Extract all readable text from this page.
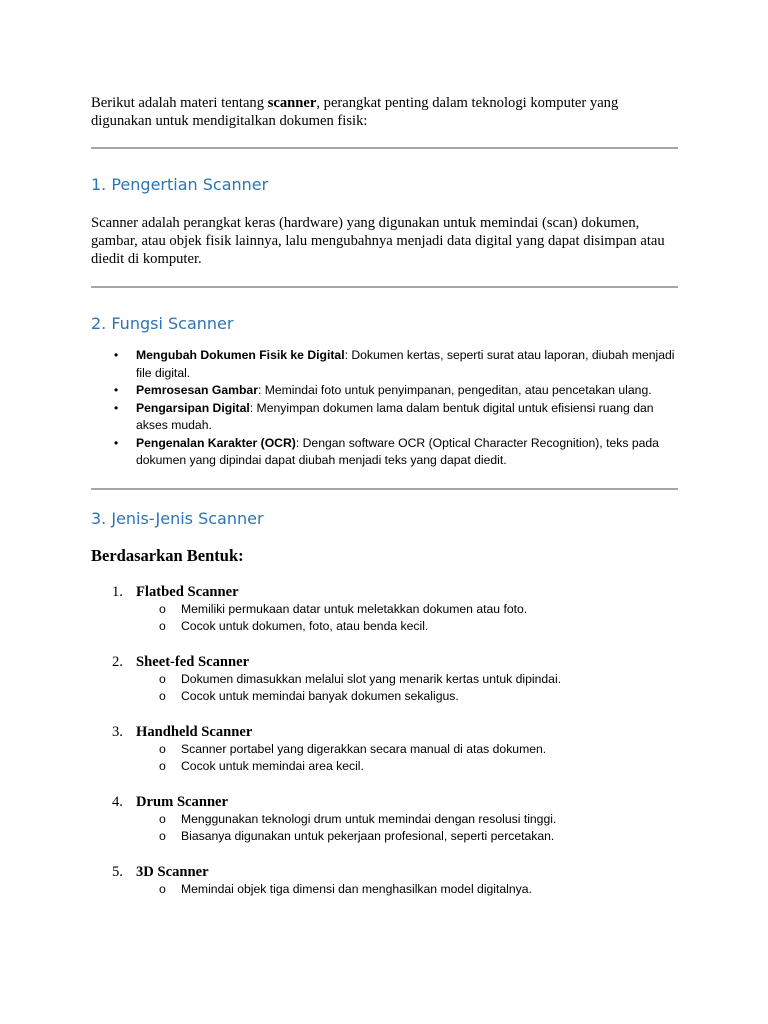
Berikut adalah materi tentang scanner, perangkat penting dalam teknologi komputer yang digunakan untuk mendigitalkan dokumen fisik:

1. Pengertian Scanner

Scanner adalah perangkat keras (hardware) yang digunakan untuk memindai (scan) dokumen, gambar, atau objek fisik lainnya, lalu mengubahnya menjadi data digital yang dapat disimpan atau diedit di komputer.

2. Fungsi Scanner
• Mengubah Dokumen Fisik ke Digital: Dokumen kertas, seperti surat atau laporan, diubah menjadi file digital.
• Pemrosesan Gambar: Memindai foto untuk penyimpanan, pengeditan, atau pencetakan ulang.
• Pengarsipan Digital: Menyimpan dokumen lama dalam bentuk digital untuk efisiensi ruang dan akses mudah.
• Pengenalan Karakter (OCR): Dengan software OCR (Optical Character Recognition), teks pada dokumen yang dipindai dapat diubah menjadi teks yang dapat diedit.
3. Jenis-Jenis Scanner
Berdasarkan Bentuk:
1. Flatbed Scanner
o Memiliki permukaan datar untuk meletakkan dokumen atau foto.
o Cocok untuk dokumen, foto, atau benda kecil.
2. Sheet-fed Scanner
o Dokumen dimasukkan melalui slot yang menarik kertas untuk dipindai.
o Cocok untuk memindai banyak dokumen sekaligus.
3. Handheld Scanner
o Scanner portabel yang digerakkan secara manual di atas dokumen.
o Cocok untuk memindai area kecil.
4. Drum Scanner
o Menggunakan teknologi drum untuk memindai dengan resolusi tinggi.
o Biasanya digunakan untuk pekerjaan profesional, seperti percetakan.
5. 3D Scanner
o Memindai objek tiga dimensi dan menghasilkan model digitalnya.
